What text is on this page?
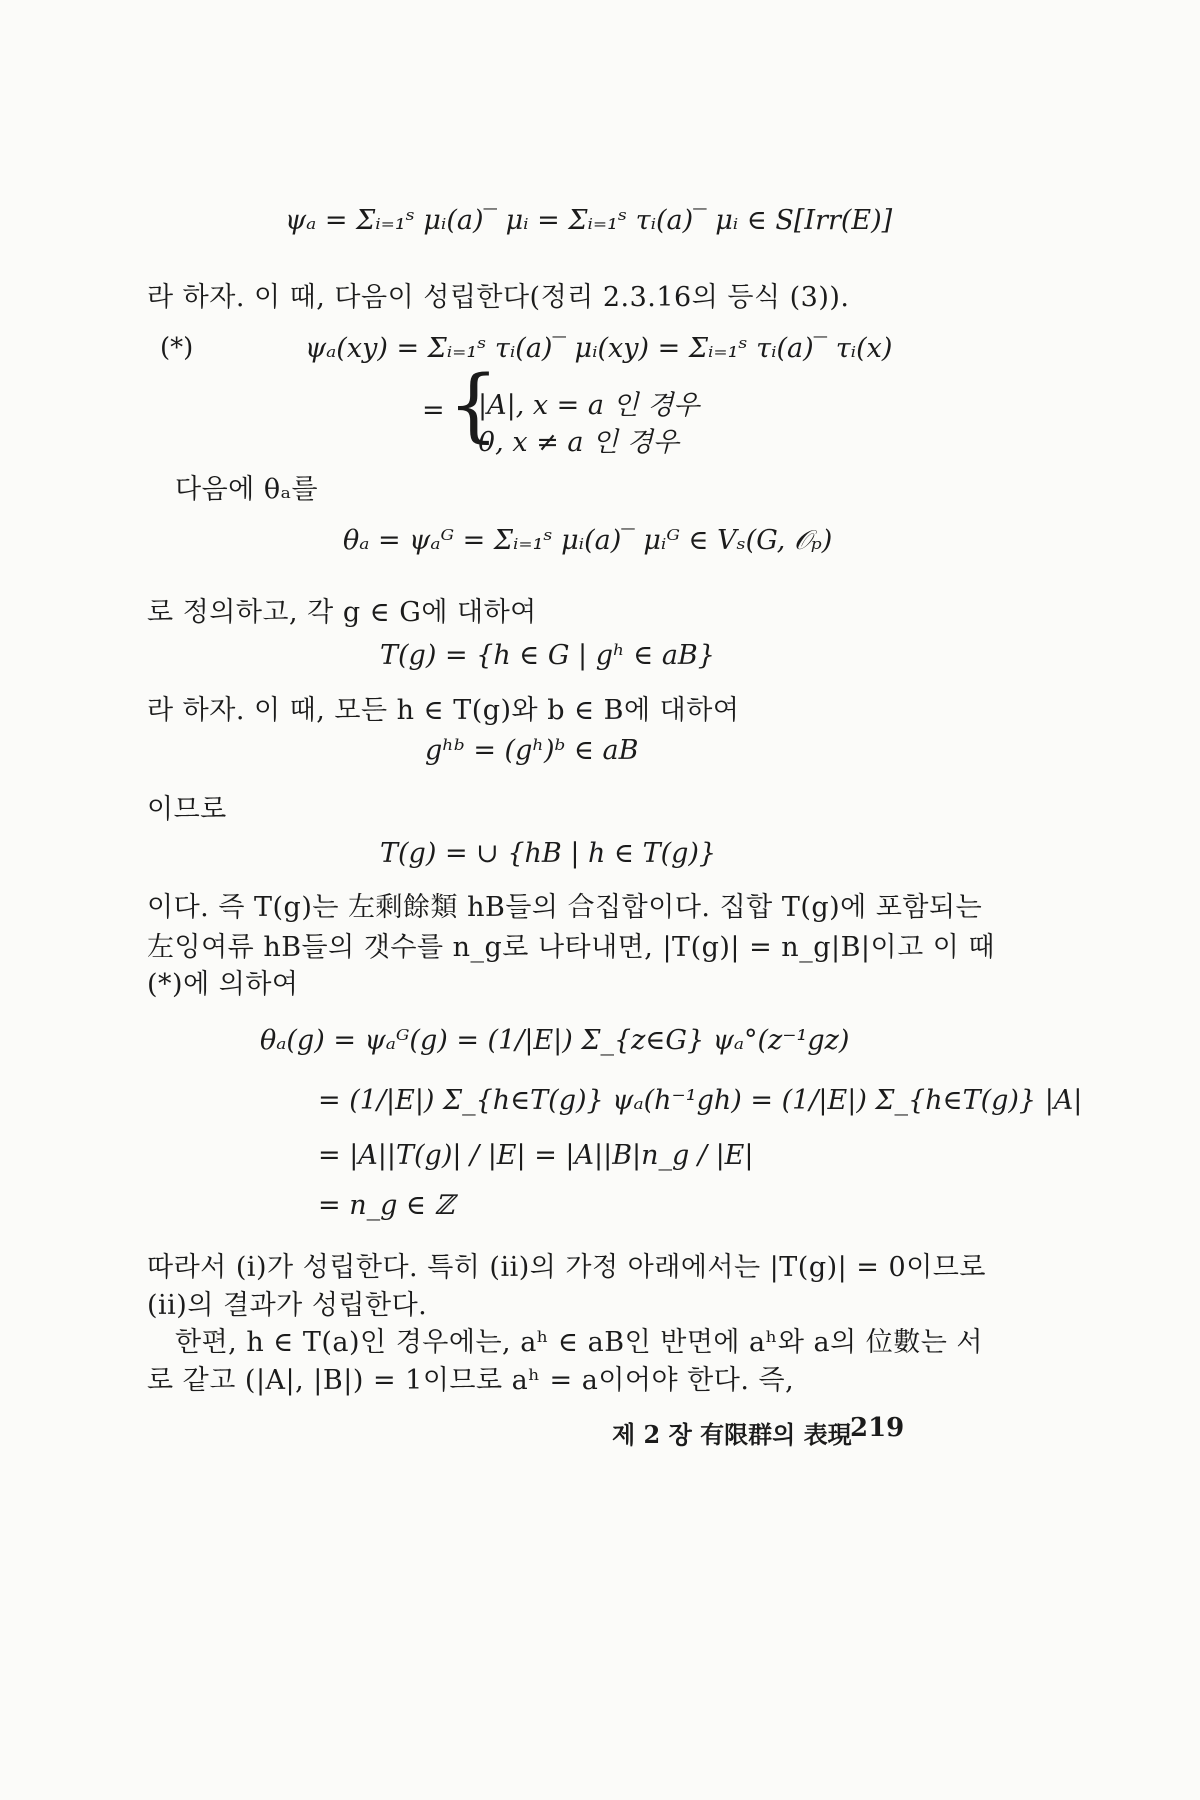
ψₐ = Σᵢ₌₁ˢ μᵢ(a)‾ μᵢ = Σᵢ₌₁ˢ τᵢ(a)‾ μᵢ ∈ S[Irr(E)]
라 하자. 이 때, 다음이 성립한다(정리 2.3.16의 등식 (3)).
(*)	ψₐ(xy) = Σᵢ₌₁ˢ τᵢ(a)‾ μᵢ(xy) = Σᵢ₌₁ˢ τᵢ(a)‾ τᵢ(x)
= {
|A|, x = a 인 경우
0, x ≠ a 인 경우
다음에 θₐ를
θₐ = ψₐᴳ = Σᵢ₌₁ˢ μᵢ(a)‾ μᵢᴳ ∈ Vₛ(G, 𝒪ₚ)
로 정의하고, 각 g ∈ G에 대하여
T(g) = {h ∈ G | gʰ ∈ aB}
라 하자. 이 때, 모든 h ∈ T(g)와 b ∈ B에 대하여
gʰᵇ = (gʰ)ᵇ ∈ aB
이므로
T(g) = ∪ {hB | h ∈ T(g)}
이다. 즉 T(g)는 左剩餘類 hB들의 合집합이다. 집합 T(g)에 포함되는
左잉여류 hB들의 갯수를 n_g로 나타내면, |T(g)| = n_g|B|이고 이 때
(*)에 의하여
θₐ(g) = ψₐᴳ(g) = (1/|E|) Σ_{z∈G} ψₐ°(z⁻¹gz)
= (1/|E|) Σ_{h∈T(g)} ψₐ(h⁻¹gh) = (1/|E|) Σ_{h∈T(g)} |A|
= |A||T(g)| / |E| = |A||B|n_g / |E|
= n_g ∈ ℤ
따라서 (i)가 성립한다. 특히 (ii)의 가정 아래에서는 |T(g)| = 0이므로
(ii)의 결과가 성립한다.
한편, h ∈ T(a)인 경우에는, aʰ ∈ aB인 반면에 aʰ와 a의 位數는 서
로 같고 (|A|, |B|) = 1이므로 aʰ = a이어야 한다. 즉,
제 2 장 有限群의 表現
219
